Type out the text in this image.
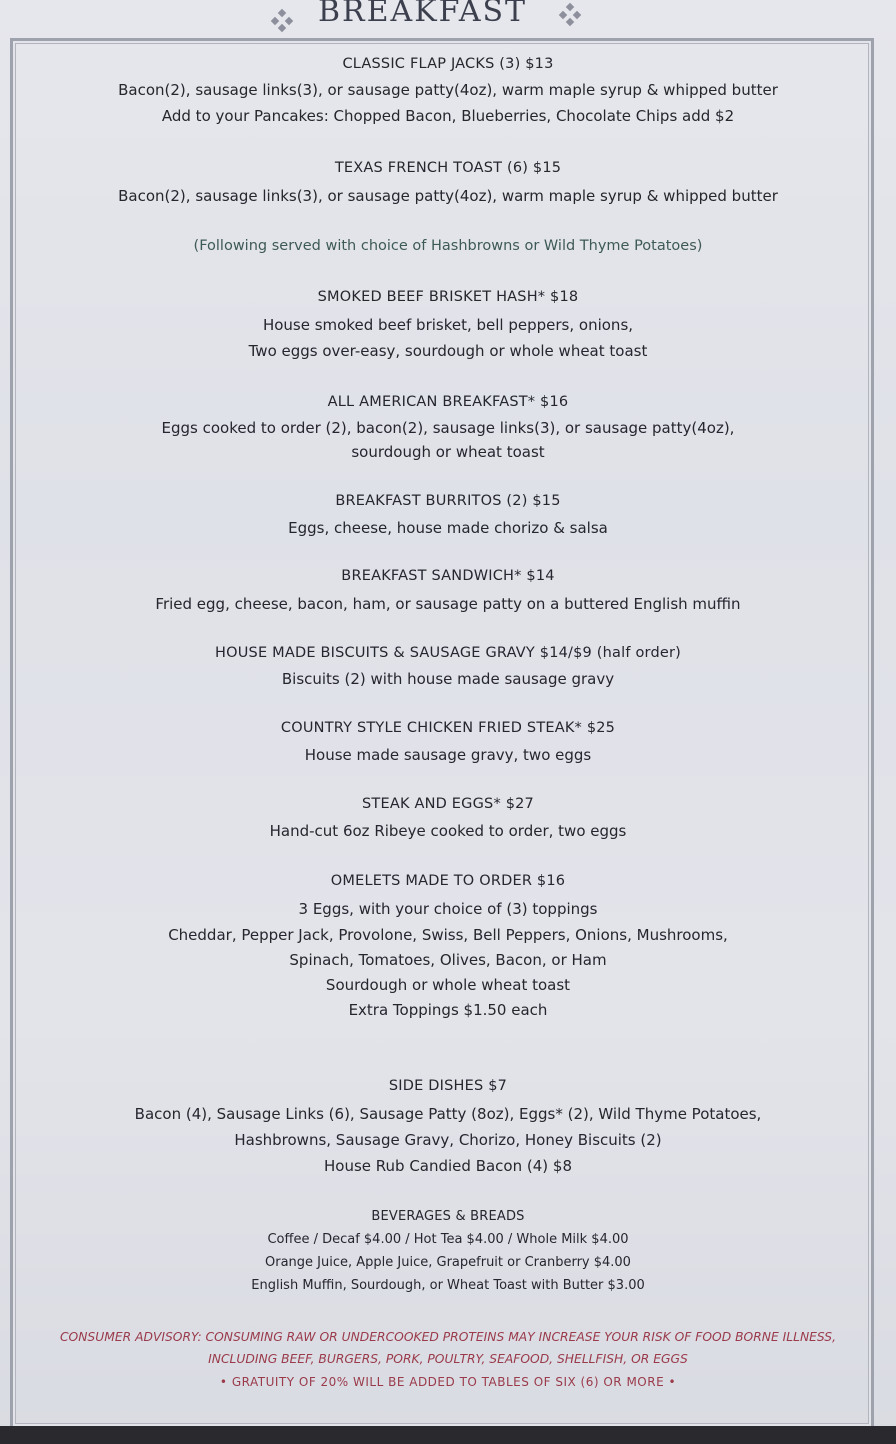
BREAKFAST
CLASSIC FLAP JACKS (3) $13
Bacon(2), sausage links(3), or sausage patty(4oz), warm maple syrup & whipped butter
Add to your Pancakes: Chopped Bacon, Blueberries, Chocolate Chips add $2
TEXAS FRENCH TOAST (6) $15
Bacon(2), sausage links(3), or sausage patty(4oz), warm maple syrup & whipped butter
(Following served with choice of Hashbrowns or Wild Thyme Potatoes)
SMOKED BEEF BRISKET HASH* $18
House smoked beef brisket, bell peppers, onions,
Two eggs over-easy, sourdough or whole wheat toast
ALL AMERICAN BREAKFAST* $16
Eggs cooked to order (2), bacon(2), sausage links(3), or sausage patty(4oz),
sourdough or wheat toast
BREAKFAST BURRITOS (2) $15
Eggs, cheese, house made chorizo & salsa
BREAKFAST SANDWICH* $14
Fried egg, cheese, bacon, ham, or sausage patty on a buttered English muffin
HOUSE MADE BISCUITS & SAUSAGE GRAVY $14/$9 (half order)
Biscuits (2) with house made sausage gravy
COUNTRY STYLE CHICKEN FRIED STEAK* $25
House made sausage gravy, two eggs
STEAK AND EGGS* $27
Hand-cut 6oz Ribeye cooked to order, two eggs
OMELETS MADE TO ORDER $16
3 Eggs, with your choice of (3) toppings
Cheddar, Pepper Jack, Provolone, Swiss, Bell Peppers, Onions, Mushrooms,
Spinach, Tomatoes, Olives, Bacon, or Ham
Sourdough or whole wheat toast
Extra Toppings $1.50 each
SIDE DISHES $7
Bacon (4), Sausage Links (6), Sausage Patty (8oz), Eggs* (2), Wild Thyme Potatoes,
Hashbrowns, Sausage Gravy, Chorizo, Honey Biscuits (2)
House Rub Candied Bacon (4) $8
BEVERAGES & BREADS
Coffee / Decaf $4.00 / Hot Tea $4.00 / Whole Milk $4.00
Orange Juice, Apple Juice, Grapefruit or Cranberry $4.00
English Muffin, Sourdough, or Wheat Toast with Butter $3.00
CONSUMER ADVISORY: CONSUMING RAW OR UNDERCOOKED PROTEINS MAY INCREASE YOUR RISK OF FOOD BORNE ILLNESS,
INCLUDING BEEF, BURGERS, PORK, POULTRY, SEAFOOD, SHELLFISH, OR EGGS
• GRATUITY OF 20% WILL BE ADDED TO TABLES OF SIX (6) OR MORE •
